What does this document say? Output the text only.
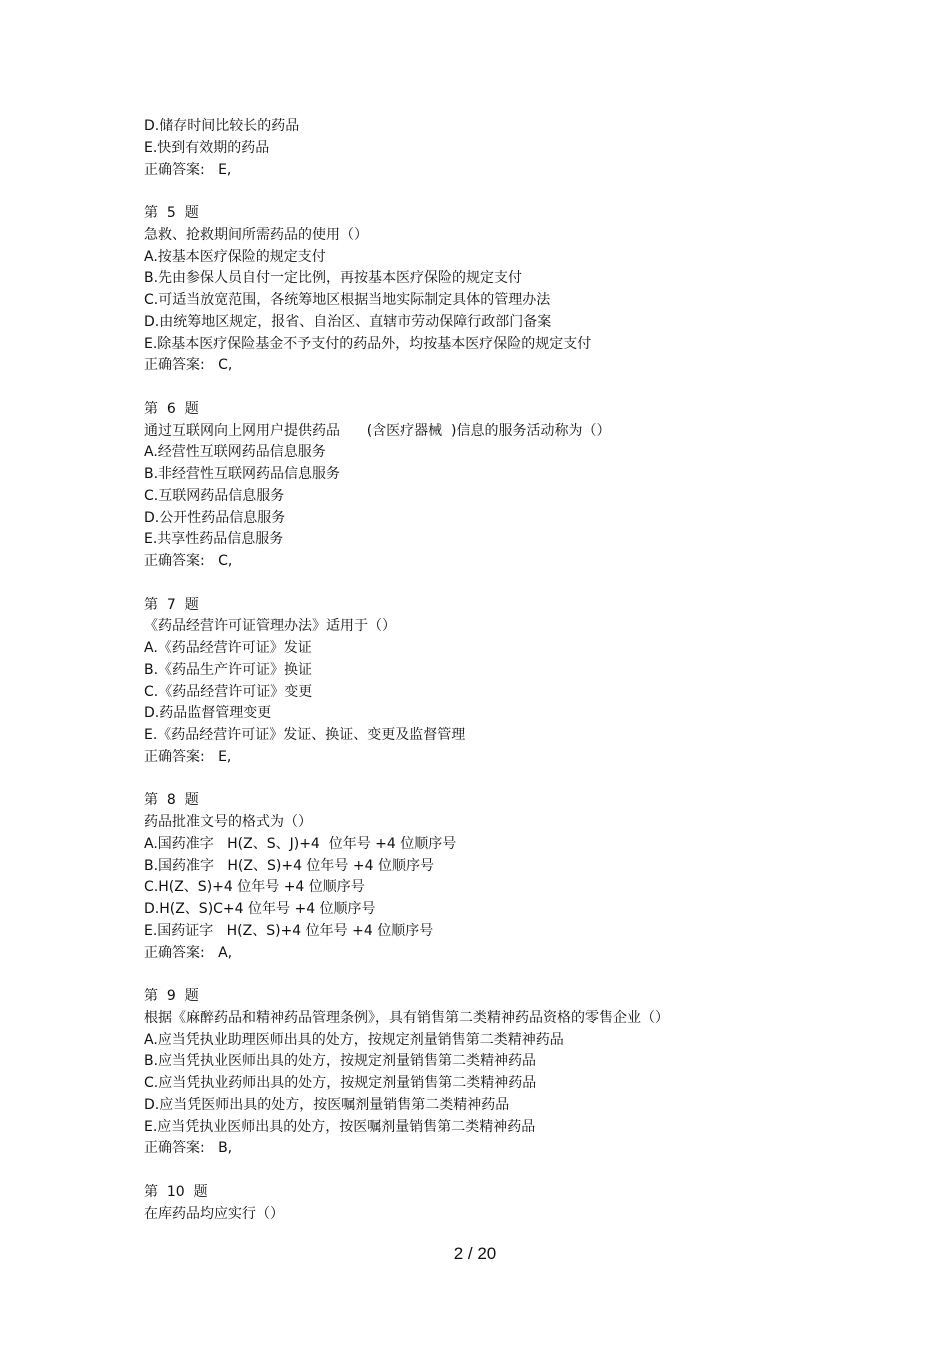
D.储存时间比较长的药品
E.快到有效期的药品
正确答案:   E,
第  5  题
急救、抢救期间所需药品的使用（）
A.按基本医疗保险的规定支付
B.先由参保人员自付一定比例，再按基本医疗保险的规定支付
C.可适当放宽范围，各统筹地区根据当地实际制定具体的管理办法
D.由统筹地区规定，报省、自治区、直辖市劳动保障行政部门备案
E.除基本医疗保险基金不予支付的药品外，均按基本医疗保险的规定支付
正确答案:   C,
第  6  题
通过互联网向上网用户提供药品      (含医疗器械  )信息的服务活动称为（）
A.经营性互联网药品信息服务
B.非经营性互联网药品信息服务
C.互联网药品信息服务
D.公开性药品信息服务
E.共享性药品信息服务
正确答案:   C,
第  7  题
《药品经营许可证管理办法》适用于（）
A.《药品经营许可证》发证
B.《药品生产许可证》换证
C.《药品经营许可证》变更
D.药品监督管理变更
E.《药品经营许可证》发证、换证、变更及监督管理
正确答案:   E,
第  8  题
药品批准文号的格式为（）
A.国药准字   H(Z、S、J)+4  位年号 +4 位顺序号
B.国药准字   H(Z、S)+4 位年号 +4 位顺序号
C.H(Z、S)+4 位年号 +4 位顺序号
D.H(Z、S)C+4 位年号 +4 位顺序号
E.国药证字   H(Z、S)+4 位年号 +4 位顺序号
正确答案:   A,
第  9  题
根据《麻醉药品和精神药品管理条例》，具有销售第二类精神药品资格的零售企业（）
A.应当凭执业助理医师出具的处方，按规定剂量销售第二类精神药品
B.应当凭执业医师出具的处方，按规定剂量销售第二类精神药品
C.应当凭执业药师出具的处方，按规定剂量销售第二类精神药品
D.应当凭医师出具的处方，按医嘱剂量销售第二类精神药品
E.应当凭执业医师出具的处方，按医嘱剂量销售第二类精神药品
正确答案:   B,
第  10  题
在库药品均应实行（）
2 / 20
